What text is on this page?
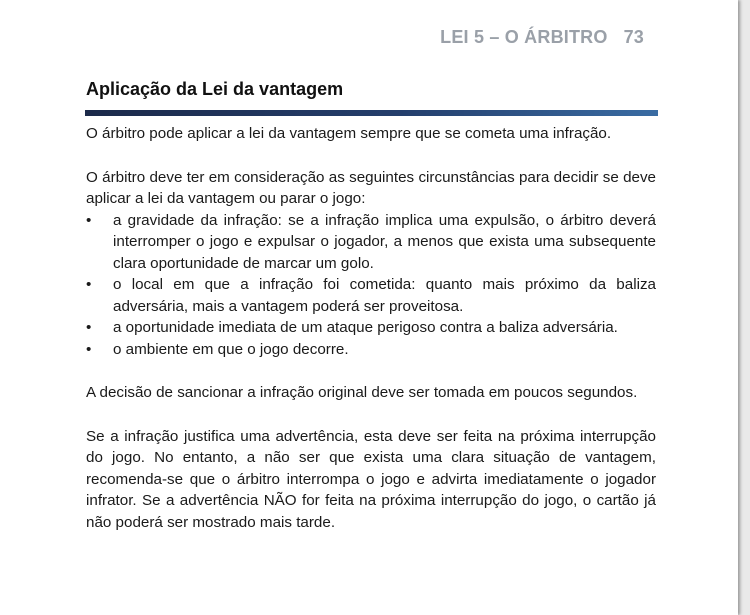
LEI 5 – O ÁRBITRO 73
Aplicação da Lei da vantagem

O árbitro pode aplicar a lei da vantagem sempre que se cometa uma infração.

O árbitro deve ter em consideração as seguintes circunstâncias para decidir se deve aplicar a lei da vantagem ou parar o jogo:

• a gravidade da infração: se a infração implica uma expulsão, o árbitro deverá interromper o jogo e expulsar o jogador, a menos que exista uma subsequente clara oportunidade de marcar um golo.
• o local em que a infração foi cometida: quanto mais próximo da baliza adversária, mais a vantagem poderá ser proveitosa.
• a oportunidade imediata de um ataque perigoso contra a baliza adversária.
• o ambiente em que o jogo decorre.

A decisão de sancionar a infração original deve ser tomada em poucos segundos.

Se a infração justifica uma advertência, esta deve ser feita na próxima interrupção do jogo. No entanto, a não ser que exista uma clara situação de vantagem, recomenda-se que o árbitro interrompa o jogo e advirta imediatamente o jogador infrator. Se a advertência NÃO for feita na próxima interrupção do jogo, o cartão já não poderá ser mostrado mais tarde.
